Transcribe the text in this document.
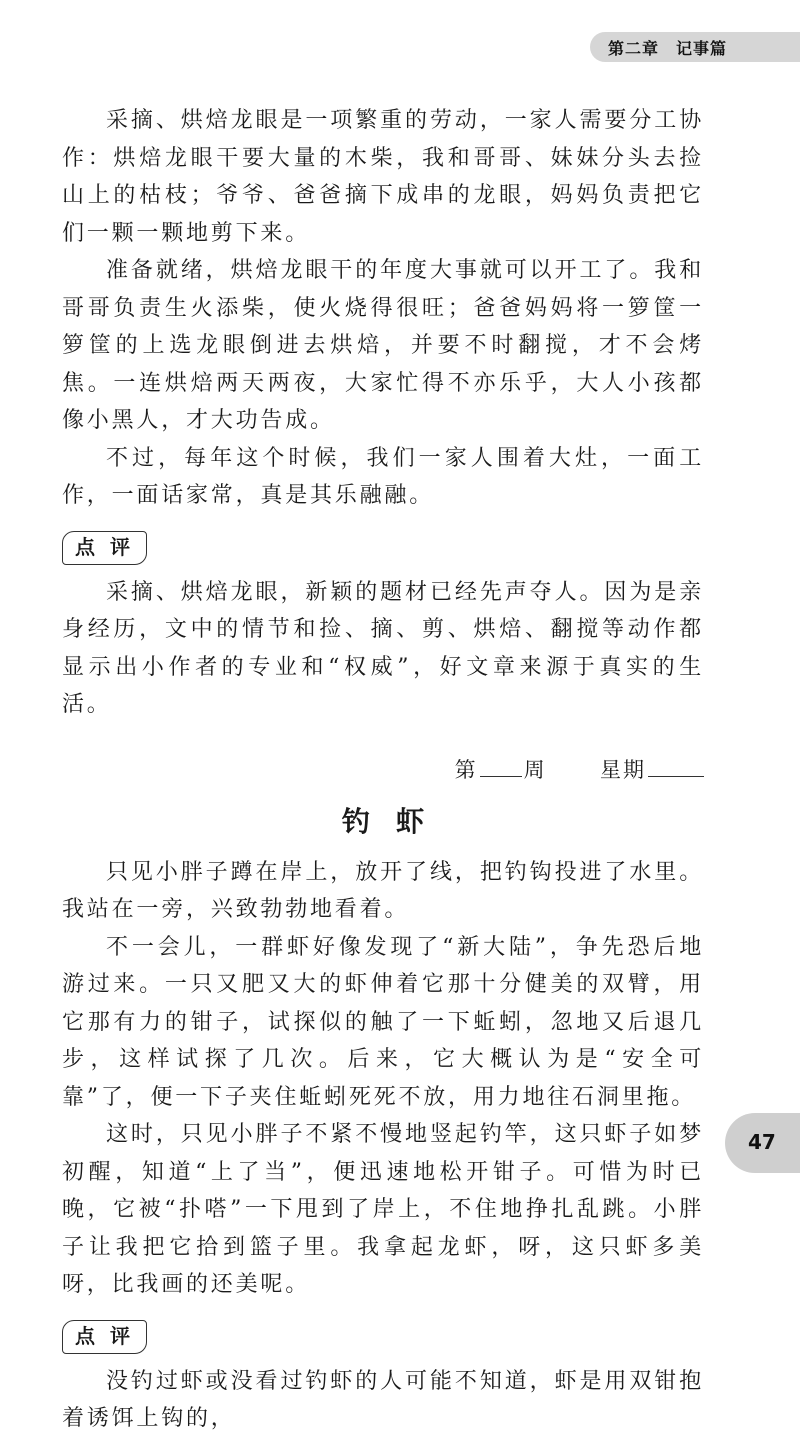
第二章　记事篇

采摘、烘焙龙眼是一项繁重的劳动，一家人需要分工协作：烘焙龙眼干要大量的木柴，我和哥哥、妹妹分头去捡山上的枯枝；爷爷、爸爸摘下成串的龙眼，妈妈负责把它们一颗一颗地剪下来。

准备就绪，烘焙龙眼干的年度大事就可以开工了。我和哥哥负责生火添柴，使火烧得很旺；爸爸妈妈将一箩筐一箩筐的上选龙眼倒进去烘焙，并要不时翻搅，才不会烤焦。一连烘焙两天两夜，大家忙得不亦乐乎，大人小孩都像小黑人，才大功告成。

不过，每年这个时候，我们一家人围着大灶，一面工作，一面话家常，真是其乐融融。

点 评

采摘、烘焙龙眼，新颖的题材已经先声夺人。因为是亲身经历，文中的情节和捡、摘、剪、烘焙、翻搅等动作都显示出小作者的专业和“权威”，好文章来源于真实的生活。

第 周	星期
钓虾

只见小胖子蹲在岸上，放开了线，把钓钩投进了水里。我站在一旁，兴致勃勃地看着。

不一会儿，一群虾好像发现了“新大陆”，争先恐后地游过来。一只又肥又大的虾伸着它那十分健美的双臂，用它那有力的钳子，试探似的触了一下蚯蚓，忽地又后退几步，这样试探了几次。后来，它大概认为是“安全可靠”了，便一下子夹住蚯蚓死死不放，用力地往石洞里拖。

这时，只见小胖子不紧不慢地竖起钓竿，这只虾子如梦初醒，知道“上了当”，便迅速地松开钳子。可惜为时已晚，它被“扑嗒”一下甩到了岸上，不住地挣扎乱跳。小胖子让我把它拾到篮子里。我拿起龙虾，呀，这只虾多美呀，比我画的还美呢。

点 评

没钓过虾或没看过钓虾的人可能不知道，虾是用双钳抱着诱饵上钩的，

47
